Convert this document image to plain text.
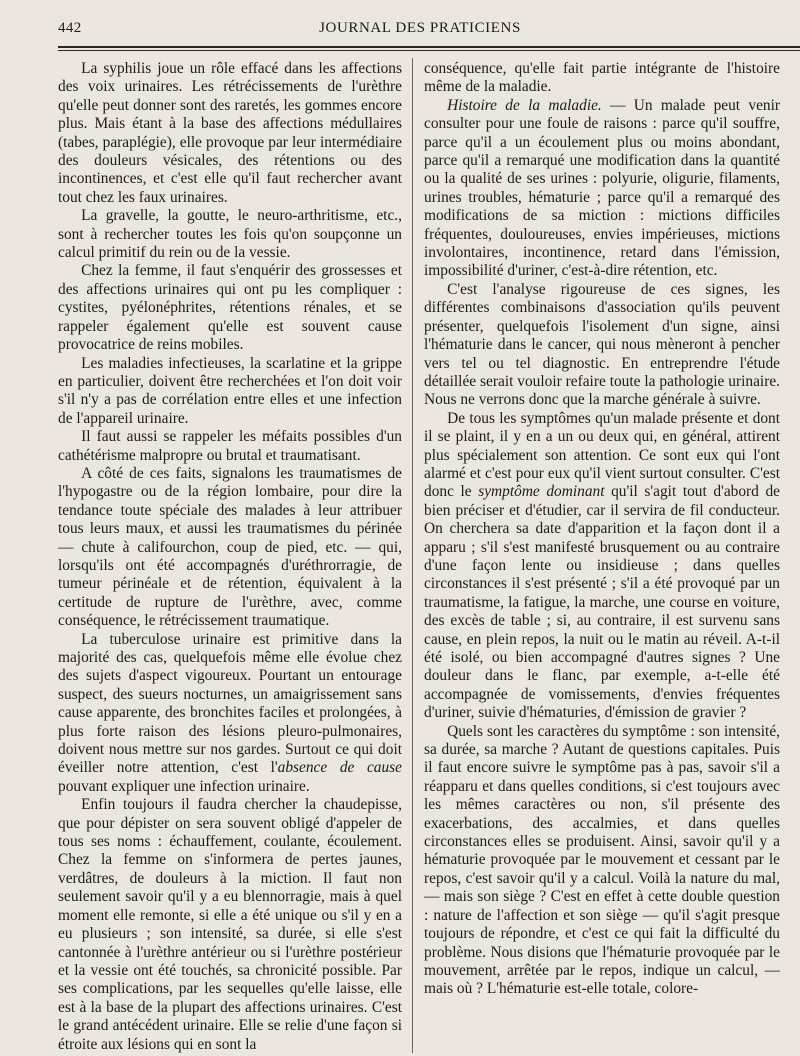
442	JOURNAL DES PRATICIENS

La syphilis joue un rôle effacé dans les affections des voix urinaires. Les rétrécissements de l'urèthre qu'elle peut donner sont des raretés, les gommes encore plus. Mais étant à la base des affections médullaires (tabes, paraplégie), elle provoque par leur intermédiaire des douleurs vésicales, des rétentions ou des incontinences, et c'est elle qu'il faut rechercher avant tout chez les faux urinaires.

La gravelle, la goutte, le neuro-arthritisme, etc., sont à rechercher toutes les fois qu'on soupçonne un calcul primitif du rein ou de la vessie.

Chez la femme, il faut s'enquérir des grossesses et des affections urinaires qui ont pu les compliquer : cystites, pyélonéphrites, rétentions rénales, et se rappeler également qu'elle est souvent cause provocatrice de reins mobiles.

Les maladies infectieuses, la scarlatine et la grippe en particulier, doivent être recherchées et l'on doit voir s'il n'y a pas de corrélation entre elles et une infection de l'appareil urinaire.

Il faut aussi se rappeler les méfaits possibles d'un cathétérisme malpropre ou brutal et traumatisant.

A côté de ces faits, signalons les traumatismes de l'hypogastre ou de la région lombaire, pour dire la tendance toute spéciale des malades à leur attribuer tous leurs maux, et aussi les traumatismes du périnée — chute à califourchon, coup de pied, etc. — qui, lorsqu'ils ont été accompagnés d'uréthrorragie, de tumeur périnéale et de rétention, équivalent à la certitude de rupture de l'urèthre, avec, comme conséquence, le rétrécissement traumatique.

La tuberculose urinaire est primitive dans la majorité des cas, quelquefois même elle évolue chez des sujets d'aspect vigoureux. Pourtant un entourage suspect, des sueurs nocturnes, un amaigrissement sans cause apparente, des bronchites faciles et prolongées, à plus forte raison des lésions pleuro-pulmonaires, doivent nous mettre sur nos gardes. Surtout ce qui doit éveiller notre attention, c'est l'absence de cause pouvant expliquer une infection urinaire.

Enfin toujours il faudra chercher la chaudepisse, que pour dépister on sera souvent obligé d'appeler de tous ses noms : échauffement, coulante, écoulement. Chez la femme on s'informera de pertes jaunes, verdâtres, de douleurs à la miction. Il faut non seulement savoir qu'il y a eu blennorragie, mais à quel moment elle remonte, si elle a été unique ou s'il y en a eu plusieurs ; son intensité, sa durée, si elle s'est cantonnée à l'urèthre antérieur ou si l'urèthre postérieur et la vessie ont été touchés, sa chronicité possible. Par ses complications, par les sequelles qu'elle laisse, elle est à la base de la plupart des affections urinaires. C'est le grand antécédent urinaire. Elle se relie d'une façon si étroite aux lésions qui en sont la

conséquence, qu'elle fait partie intégrante de l'histoire même de la maladie.

Histoire de la maladie. — Un malade peut venir consulter pour une foule de raisons : parce qu'il souffre, parce qu'il a un écoulement plus ou moins abondant, parce qu'il a remarqué une modification dans la quantité ou la qualité de ses urines : polyurie, oligurie, filaments, urines troubles, hématurie ; parce qu'il a remarqué des modifications de sa miction : mictions difficiles fréquentes, douloureuses, envies impérieuses, mictions involontaires, incontinence, retard dans l'émission, impossibilité d'uriner, c'est-à-dire rétention, etc.

C'est l'analyse rigoureuse de ces signes, les différentes combinaisons d'association qu'ils peuvent présenter, quelquefois l'isolement d'un signe, ainsi l'hématurie dans le cancer, qui nous mèneront à pencher vers tel ou tel diagnostic. En entreprendre l'étude détaillée serait vouloir refaire toute la pathologie urinaire. Nous ne verrons donc que la marche générale à suivre.

De tous les symptômes qu'un malade présente et dont il se plaint, il y en a un ou deux qui, en général, attirent plus spécialement son attention. Ce sont eux qui l'ont alarmé et c'est pour eux qu'il vient surtout consulter. C'est donc le symptôme dominant qu'il s'agit tout d'abord de bien préciser et d'étudier, car il servira de fil conducteur. On cherchera sa date d'apparition et la façon dont il a apparu ; s'il s'est manifesté brusquement ou au contraire d'une façon lente ou insidieuse ; dans quelles circonstances il s'est présenté ; s'il a été provoqué par un traumatisme, la fatigue, la marche, une course en voiture, des excès de table ; si, au contraire, il est survenu sans cause, en plein repos, la nuit ou le matin au réveil. A-t-il été isolé, ou bien accompagné d'autres signes ? Une douleur dans le flanc, par exemple, a-t-elle été accompagnée de vomissements, d'envies fréquentes d'uriner, suivie d'hématuries, d'émission de gravier ?

Quels sont les caractères du symptôme : son intensité, sa durée, sa marche ? Autant de questions capitales. Puis il faut encore suivre le symptôme pas à pas, savoir s'il a réapparu et dans quelles conditions, si c'est toujours avec les mêmes caractères ou non, s'il présente des exacerbations, des accalmies, et dans quelles circonstances elles se produisent. Ainsi, savoir qu'il y a hématurie provoquée par le mouvement et cessant par le repos, c'est savoir qu'il y a calcul. Voilà la nature du mal, — mais son siège ? C'est en effet à cette double question : nature de l'affection et son siège — qu'il s'agit presque toujours de répondre, et c'est ce qui fait la difficulté du problème. Nous disions que l'hématurie provoquée par le mouvement, arrêtée par le repos, indique un calcul, — mais où ? L'hématurie est-elle totale, colore-
